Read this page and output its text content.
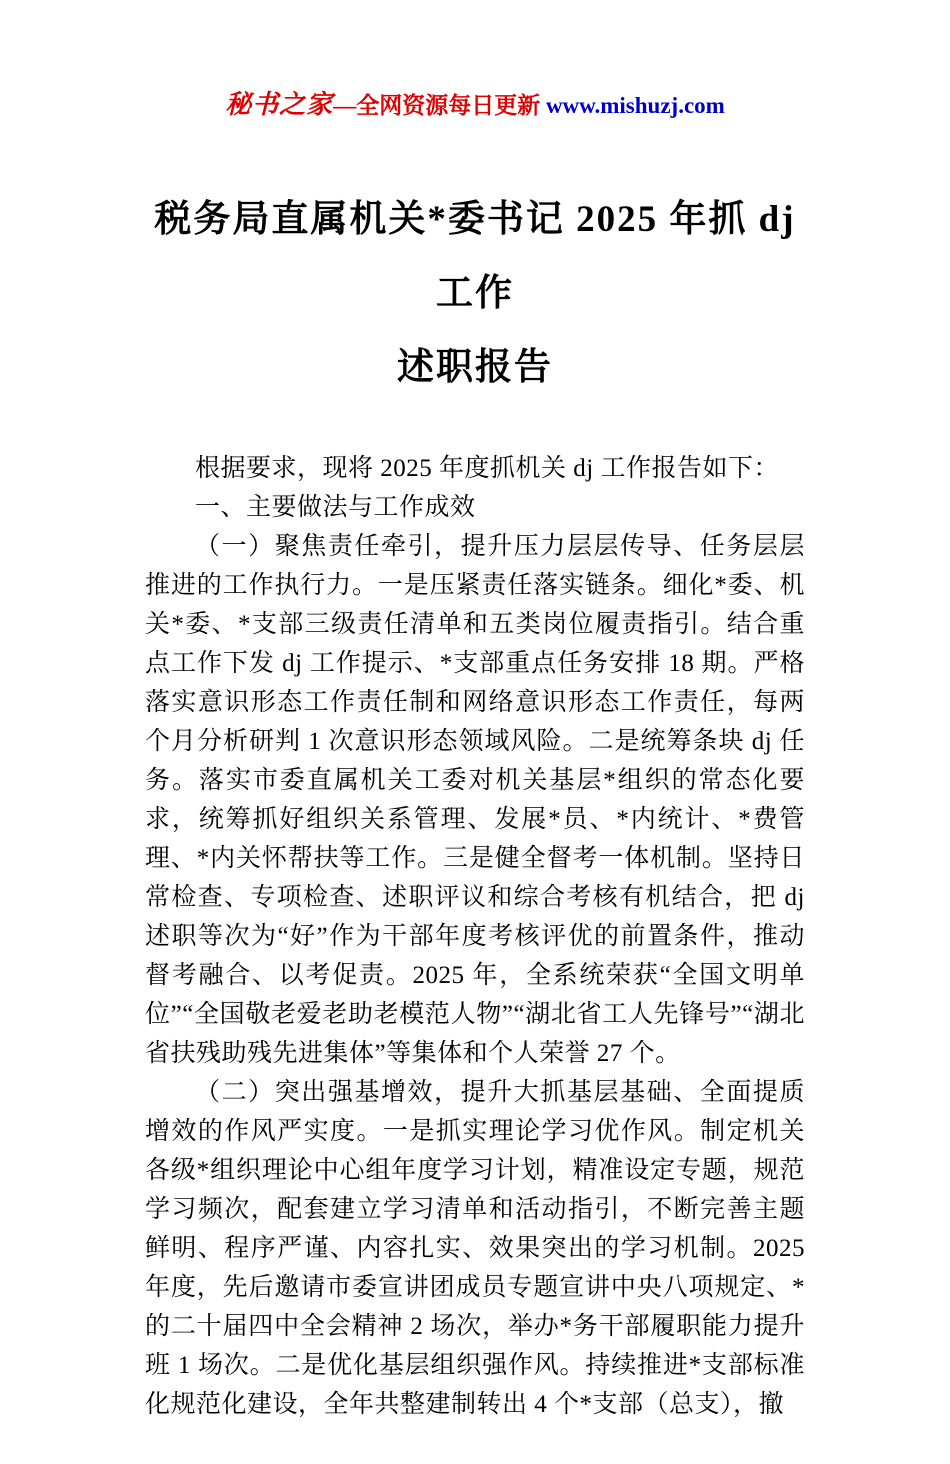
秘书之家—全网资源每日更新 www.mishuzj.com
税务局直属机关*委书记 2025 年抓 dj 工作
述职报告

根据要求，现将 2025 年度抓机关 dj 工作报告如下：

一、主要做法与工作成效

（一）聚焦责任牵引，提升压力层层传导、任务层层推进的工作执行力。一是压紧责任落实链条。细化*委、机关*委、*支部三级责任清单和五类岗位履责指引。结合重点工作下发 dj 工作提示、*支部重点任务安排 18 期。严格落实意识形态工作责任制和网络意识形态工作责任，每两个月分析研判 1 次意识形态领域风险。二是统筹条块 dj 任务。落实市委直属机关工委对机关基层*组织的常态化要求，统筹抓好组织关系管理、发展*员、*内统计、*费管理、*内关怀帮扶等工作。三是健全督考一体机制。坚持日常检查、专项检查、述职评议和综合考核有机结合，把 dj 述职等次为“好”作为干部年度考核评优的前置条件，推动督考融合、以考促责。2025 年，全系统荣获“全国文明单位”“全国敬老爱老助老模范人物”“湖北省工人先锋号”“湖北省扶残助残先进集体”等集体和个人荣誉 27 个。

（二）突出强基增效，提升大抓基层基础、全面提质增效的作风严实度。一是抓实理论学习优作风。制定机关各级*组织理论中心组年度学习计划，精准设定专题，规范学习频次，配套建立学习清单和活动指引，不断完善主题鲜明、程序严谨、内容扎实、效果突出的学习机制。2025 年度，先后邀请市委宣讲团成员专题宣讲中央八项规定、*的二十届四中全会精神 2 场次，举办*务干部履职能力提升班 1 场次。二是优化基层组织强作风。持续推进*支部标准化规范化建设，全年共整建制转出 4 个*支部（总支），撤
